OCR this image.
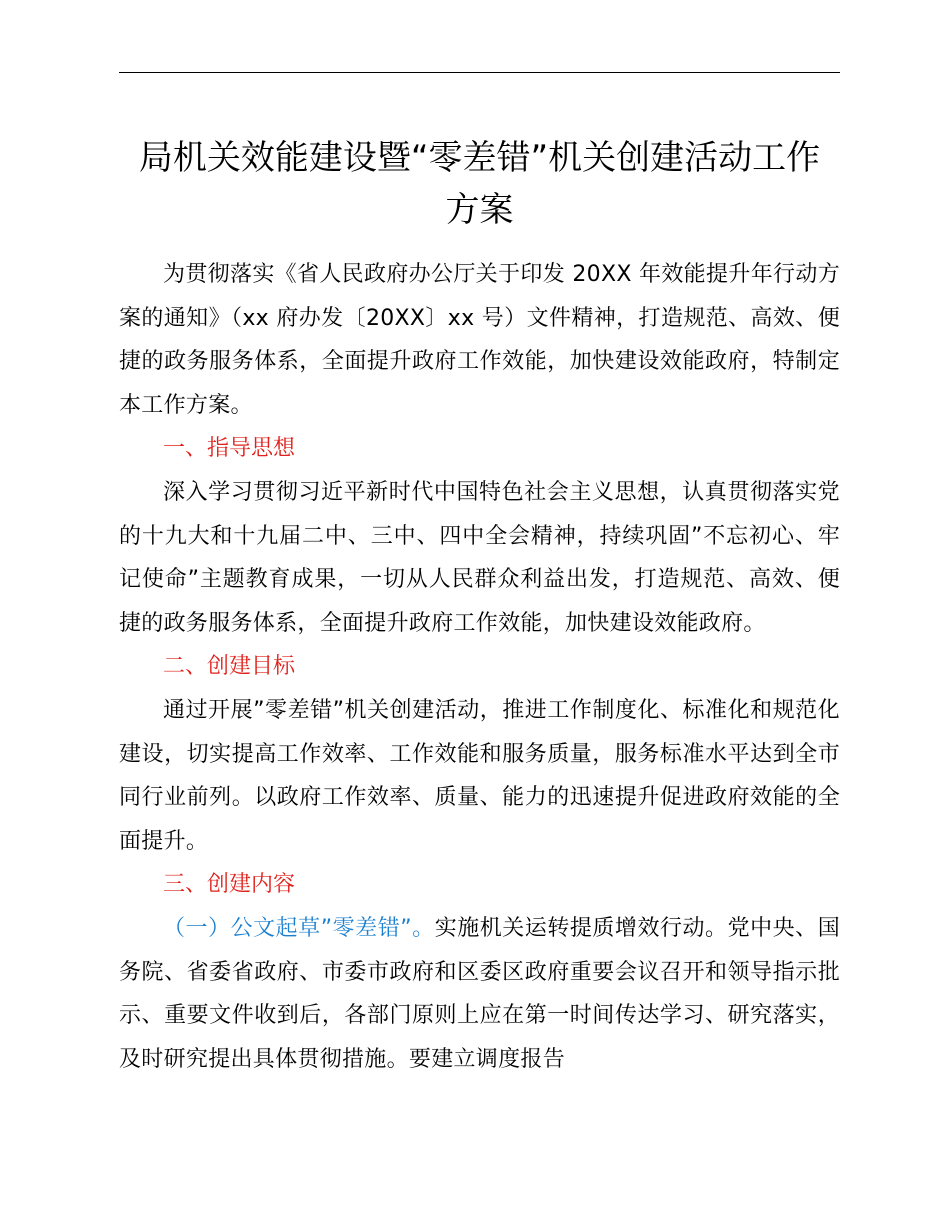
局机关效能建设暨“零差错”机关创建活动工作
方案

为贯彻落实《省人民政府办公厅关于印发 20XX 年效能提升年行动方案的通知》（xx 府办发〔20XX〕xx 号）文件精神，打造规范、高效、便捷的政务服务体系，全面提升政府工作效能，加快建设效能政府，特制定本工作方案。

一、指导思想

深入学习贯彻习近平新时代中国特色社会主义思想，认真贯彻落实党的十九大和十九届二中、三中、四中全会精神，持续巩固”不忘初心、牢记使命”主题教育成果，一切从人民群众利益出发，打造规范、高效、便捷的政务服务体系，全面提升政府工作效能，加快建设效能政府。

二、创建目标

通过开展”零差错”机关创建活动，推进工作制度化、标准化和规范化建设，切实提高工作效率、工作效能和服务质量，服务标准水平达到全市同行业前列。以政府工作效率、质量、能力的迅速提升促进政府效能的全面提升。

三、创建内容

（一）公文起草”零差错”。实施机关运转提质增效行动。党中央、国务院、省委省政府、市委市政府和区委区政府重要会议召开和领导指示批示、重要文件收到后，各部门原则上应在第一时间传达学习、研究落实，及时研究提出具体贯彻措施。要建立调度报告
